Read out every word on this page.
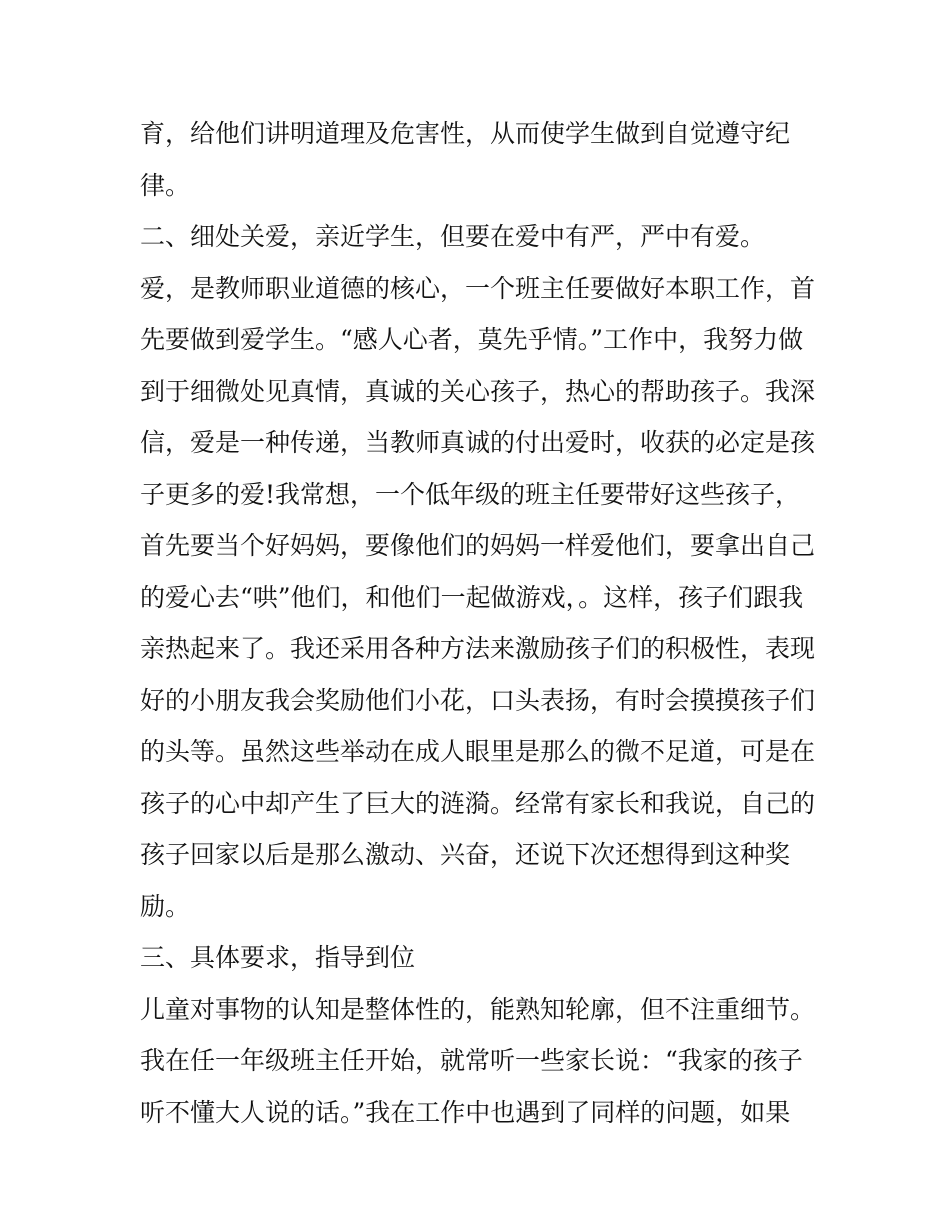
育，给他们讲明道理及危害性，从而使学生做到自觉遵守纪
律。
二、细处关爱，亲近学生，但要在爱中有严，严中有爱。
爱，是教师职业道德的核心，一个班主任要做好本职工作，首
先要做到爱学生。“感人心者，莫先乎情。”工作中，我努力做
到于细微处见真情，真诚的关心孩子，热心的帮助孩子。我深
信，爱是一种传递，当教师真诚的付出爱时，收获的必定是孩
子更多的爱!我常想，一个低年级的班主任要带好这些孩子，
首先要当个好妈妈，要像他们的妈妈一样爱他们，要拿出自己
的爱心去“哄”他们，和他们一起做游戏，。这样，孩子们跟我
亲热起来了。我还采用各种方法来激励孩子们的积极性，表现
好的小朋友我会奖励他们小花，口头表扬，有时会摸摸孩子们
的头等。虽然这些举动在成人眼里是那么的微不足道，可是在
孩子的心中却产生了巨大的涟漪。经常有家长和我说，自己的
孩子回家以后是那么激动、兴奋，还说下次还想得到这种奖
励。
三、具体要求，指导到位
儿童对事物的认知是整体性的，能熟知轮廓，但不注重细节。
我在任一年级班主任开始，就常听一些家长说：“我家的孩子
听不懂大人说的话。”我在工作中也遇到了同样的问题，如果
